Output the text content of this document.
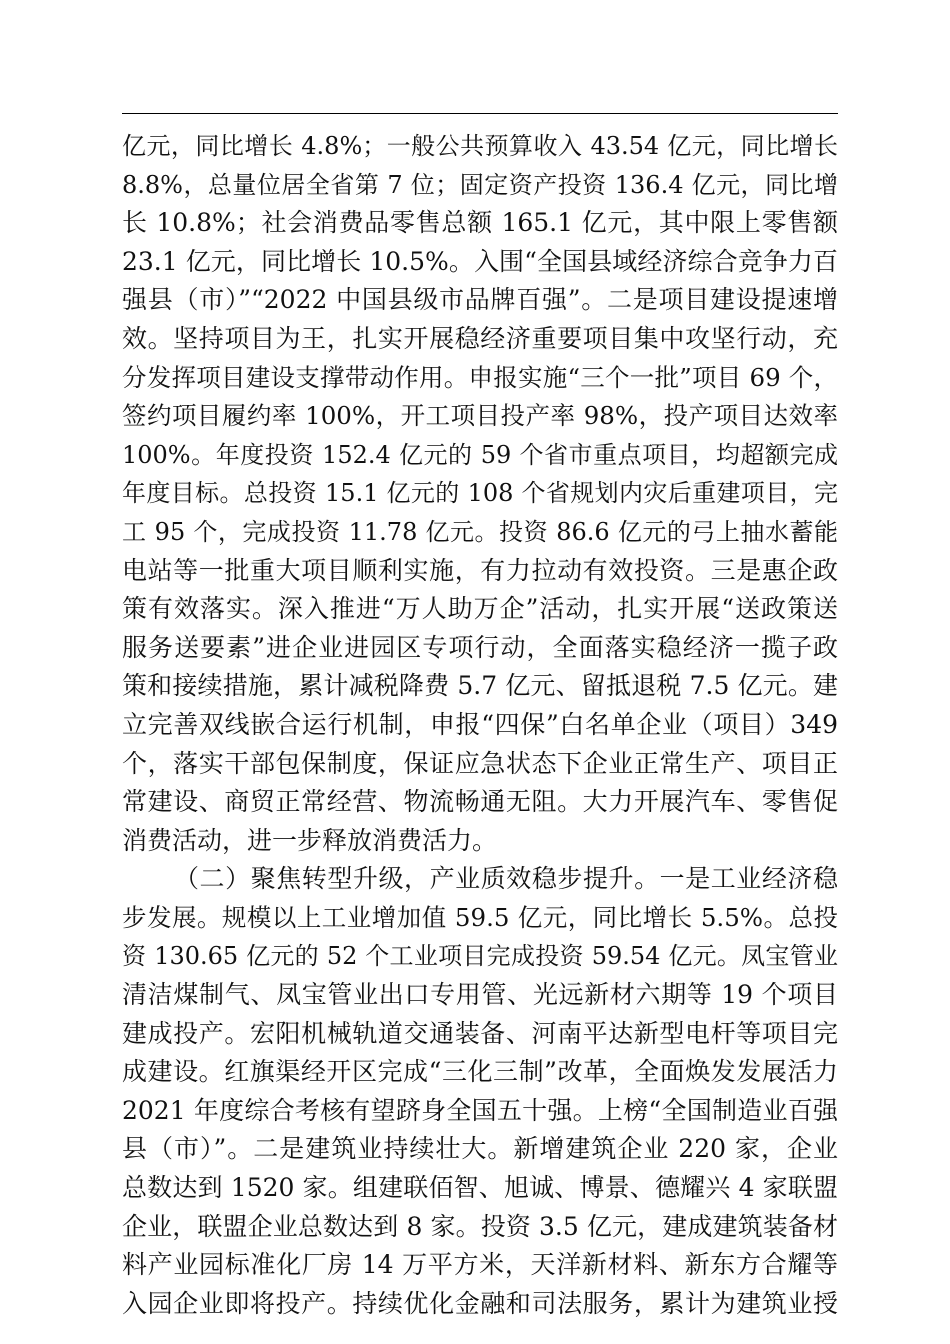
亿元，同比增长 4.8%；一般公共预算收入 43.54 亿元，同比增长
8.8%，总量位居全省第 7 位；固定资产投资 136.4 亿元，同比增
长 10.8%；社会消费品零售总额 165.1 亿元，其中限上零售额
23.1 亿元，同比增长 10.5%。入围“全国县域经济综合竞争力百
强县（市）”“2022 中国县级市品牌百强”。二是项目建设提速增
效。坚持项目为王，扎实开展稳经济重要项目集中攻坚行动，充
分发挥项目建设支撑带动作用。申报实施“三个一批”项目 69 个，
签约项目履约率 100%，开工项目投产率 98%，投产项目达效率
100%。年度投资 152.4 亿元的 59 个省市重点项目，均超额完成
年度目标。总投资 15.1 亿元的 108 个省规划内灾后重建项目，完
工 95 个，完成投资 11.78 亿元。投资 86.6 亿元的弓上抽水蓄能
电站等一批重大项目顺利实施，有力拉动有效投资。三是惠企政
策有效落实。深入推进“万人助万企”活动，扎实开展“送政策送
服务送要素”进企业进园区专项行动，全面落实稳经济一揽子政
策和接续措施，累计减税降费 5.7 亿元、留抵退税 7.5 亿元。建
立完善双线嵌合运行机制，申报“四保”白名单企业（项目）349
个，落实干部包保制度，保证应急状态下企业正常生产、项目正
常建设、商贸正常经营、物流畅通无阻。大力开展汽车、零售促
消费活动，进一步释放消费活力。
（二）聚焦转型升级，产业质效稳步提升。一是工业经济稳
步发展。规模以上工业增加值 59.5 亿元，同比增长 5.5%。总投
资 130.65 亿元的 52 个工业项目完成投资 59.54 亿元。凤宝管业
清洁煤制气、凤宝管业出口专用管、光远新材六期等 19 个项目
建成投产。宏阳机械轨道交通装备、河南平达新型电杆等项目完
成建设。红旗渠经开区完成“三化三制”改革，全面焕发发展活力
2021 年度综合考核有望跻身全国五十强。上榜“全国制造业百强
县（市）”。二是建筑业持续壮大。新增建筑企业 220 家，企业
总数达到 1520 家。组建联佰智、旭诚、博景、德耀兴 4 家联盟
企业，联盟企业总数达到 8 家。投资 3.5 亿元，建成建筑装备材
料产业园标准化厂房 14 万平方米，天洋新材料、新东方合耀等
入园企业即将投产。持续优化金融和司法服务，累计为建筑业授
